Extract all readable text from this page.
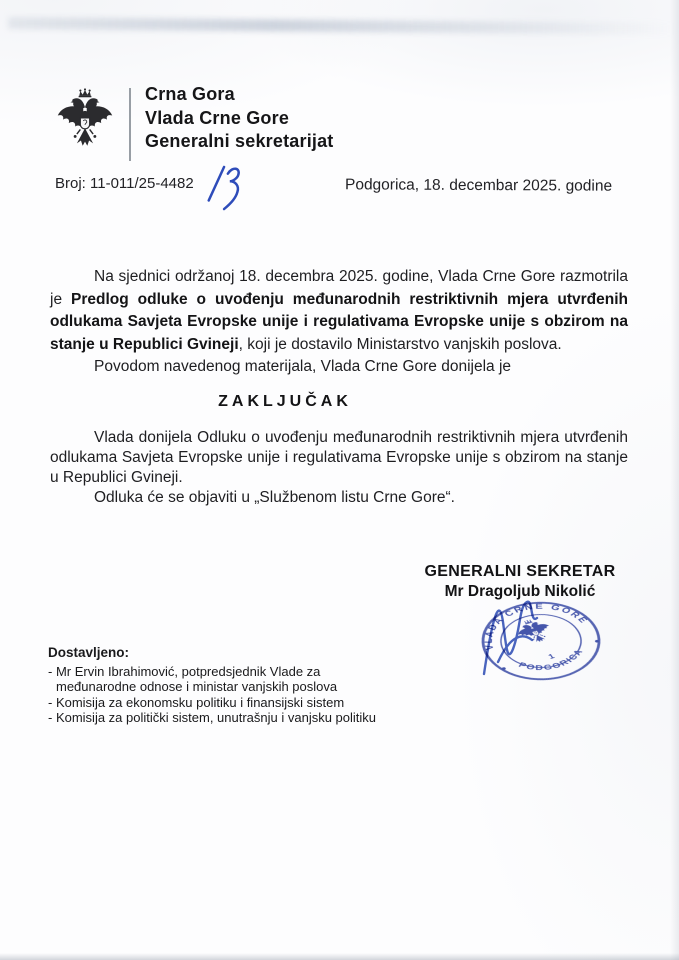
Crna Gora
Vlada Crne Gore
Generalni sekretarijat
Broj: 11-011/25-4482	Podgorica, 18. decembar 2025. godine

Na sjednici održanoj 18. decembra 2025. godine, Vlada Crne Gore razmotrila je Predlog odluke o uvođenju međunarodnih restriktivnih mjera utvrđenih odlukama Savjeta Evropske unije i regulativama Evropske unije s obzirom na stanje u Republici Gvineji, koji je dostavilo Ministarstvo vanjskih poslova.

Povodom navedenog materijala, Vlada Crne Gore donijela je

ZAKLJUČAK

Vlada donijela Odluku o uvođenju međunarodnih restriktivnih mjera utvrđenih odlukama Savjeta Evropske unije i regulativama Evropske unije s obzirom na stanje u Republici Gvineji.

Odluka će se objaviti u „Službenom listu Crne Gore“.

GENERALNI SEKRETAR
Mr Dragoljub Nikolić
VLADA CRNE GORE
PODGORICA
1
Dostavljeno:
- Mr Ervin Ibrahimović, potpredsjednik Vlade za međunarodne odnose i ministar vanjskih poslova
- Komisija za ekonomsku politiku i finansijski sistem
- Komisija za politički sistem, unutrašnju i vanjsku politiku
